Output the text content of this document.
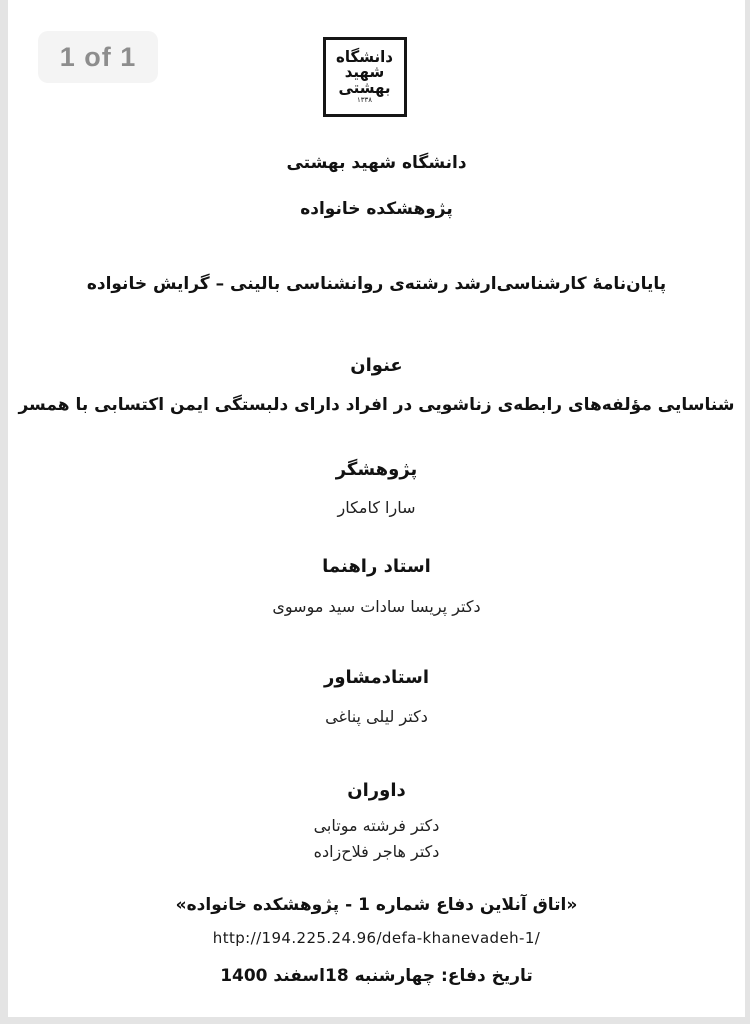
1 of 1	دانشگاه
شهید
بهشتی
۱۳۳۸
دانشگاه شهید بهشتی
پژوهشکده خانواده
پایان‌نامهٔ کارشناسی‌ارشد رشته‌ی روانشناسی بالینی – گرایش خانواده
عنوان
شناسایی مؤلفه‌های رابطه‌ی زناشویی در افراد دارای دلبستگی ایمن اکتسابی با همسر
پژوهشگر
سارا کامکار
استاد راهنما
دکتر پریسا سادات سید موسوی
استادمشاور
دکتر لیلی پناغی
داوران
دکتر فرشته موتابی
دکتر هاجر فلاح‌زاده
«اتاق آنلاین دفاع شماره 1 - پژوهشکده خانواده»
http://194.225.24.96/defa-khanevadeh-1/
تاریخ دفاع: چهارشنبه 18اسفند 1400
